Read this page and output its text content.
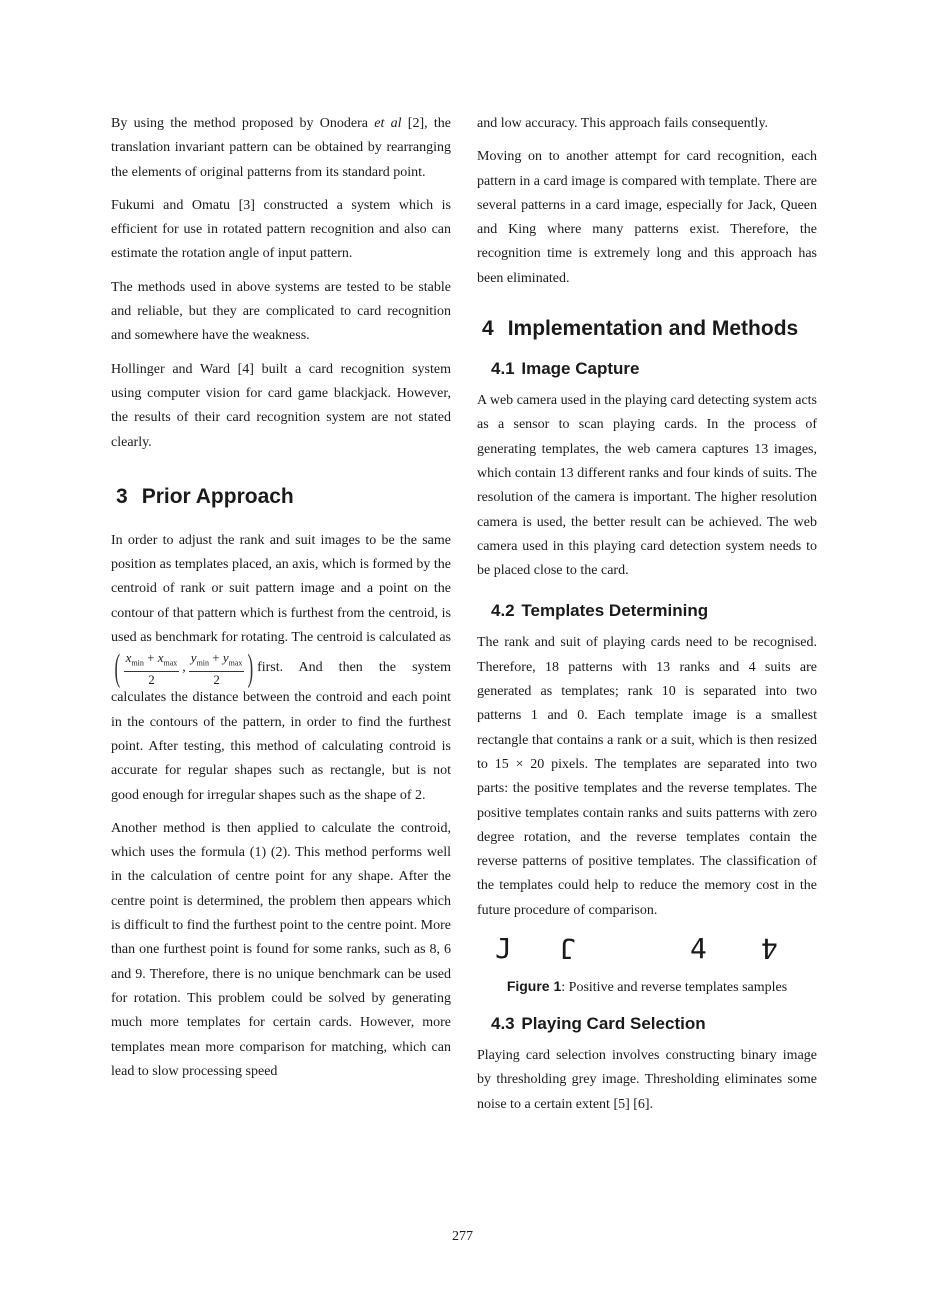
By using the method proposed by Onodera et al [2], the translation invariant pattern can be obtained by rearranging the elements of original patterns from its standard point.

Fukumi and Omatu [3] constructed a system which is efficient for use in rotated pattern recognition and also can estimate the rotation angle of input pattern.

The methods used in above systems are tested to be stable and reliable, but they are complicated to card recognition and somewhere have the weakness.

Hollinger and Ward [4] built a card recognition system using computer vision for card game blackjack. However, the results of their card recognition system are not stated clearly.

3 Prior Approach

In order to adjust the rank and suit images to be the same position as templates placed, an axis, which is formed by the centroid of rank or suit pattern image and a point on the contour of that pattern which is furthest from the centroid, is used as benchmark for rotating. The centroid is calculated as
( $\frac{x_{min} + x_{max}}{2}$ , $\frac{y_{min} + y_{max}}{2}$ ) first. And then the system calculates the distance between the controid and each point in the contours of the pattern, in order to find the furthest point. After testing, this method of calculating controid is accurate for regular shapes such as rectangle, but is not good enough for irregular shapes such as the shape of 2.

Another method is then applied to calculate the controid, which uses the formula (1) (2). This method performs well in the calculation of centre point for any shape. After the centre point is determined, the problem then appears which is difficult to find the furthest point to the centre point. More than one furthest point is found for some ranks, such as 8, 6 and 9. Therefore, there is no unique benchmark can be used for rotation. This problem could be solved by generating much more templates for certain cards. However, more templates mean more comparison for matching, which can lead to slow processing speed

and low accuracy. This approach fails consequently.

Moving on to another attempt for card recognition, each pattern in a card image is compared with template. There are several patterns in a card image, especially for Jack, Queen and King where many patterns exist. Therefore, the recognition time is extremely long and this approach has been eliminated.

4 Implementation and Methods
4.1 Image Capture

A web camera used in the playing card detecting system acts as a sensor to scan playing cards. In the process of generating templates, the web camera captures 13 images, which contain 13 different ranks and four kinds of suits. The resolution of the camera is important. The higher resolution camera is used, the better result can be achieved. The web camera used in this playing card detection system needs to be placed close to the card.

4.2 Templates Determining

The rank and suit of playing cards need to be recognised. Therefore, 18 patterns with 13 ranks and 4 suits are generated as templates; rank 10 is separated into two patterns 1 and 0. Each template image is a smallest rectangle that contains a rank or a suit, which is then resized to 15 × 20 pixels. The templates are separated into two parts: the positive templates and the reverse templates. The positive templates contain ranks and suits patterns with zero degree rotation, and the reverse templates contain the reverse patterns of positive templates. The classification of the templates could help to reduce the memory cost in the future procedure of comparison.

J J	4 4

Figure 1: Positive and reverse templates samples

4.3 Playing Card Selection

Playing card selection involves constructing binary image by thresholding grey image. Thresholding eliminates some noise to a certain extent [5] [6].

277
